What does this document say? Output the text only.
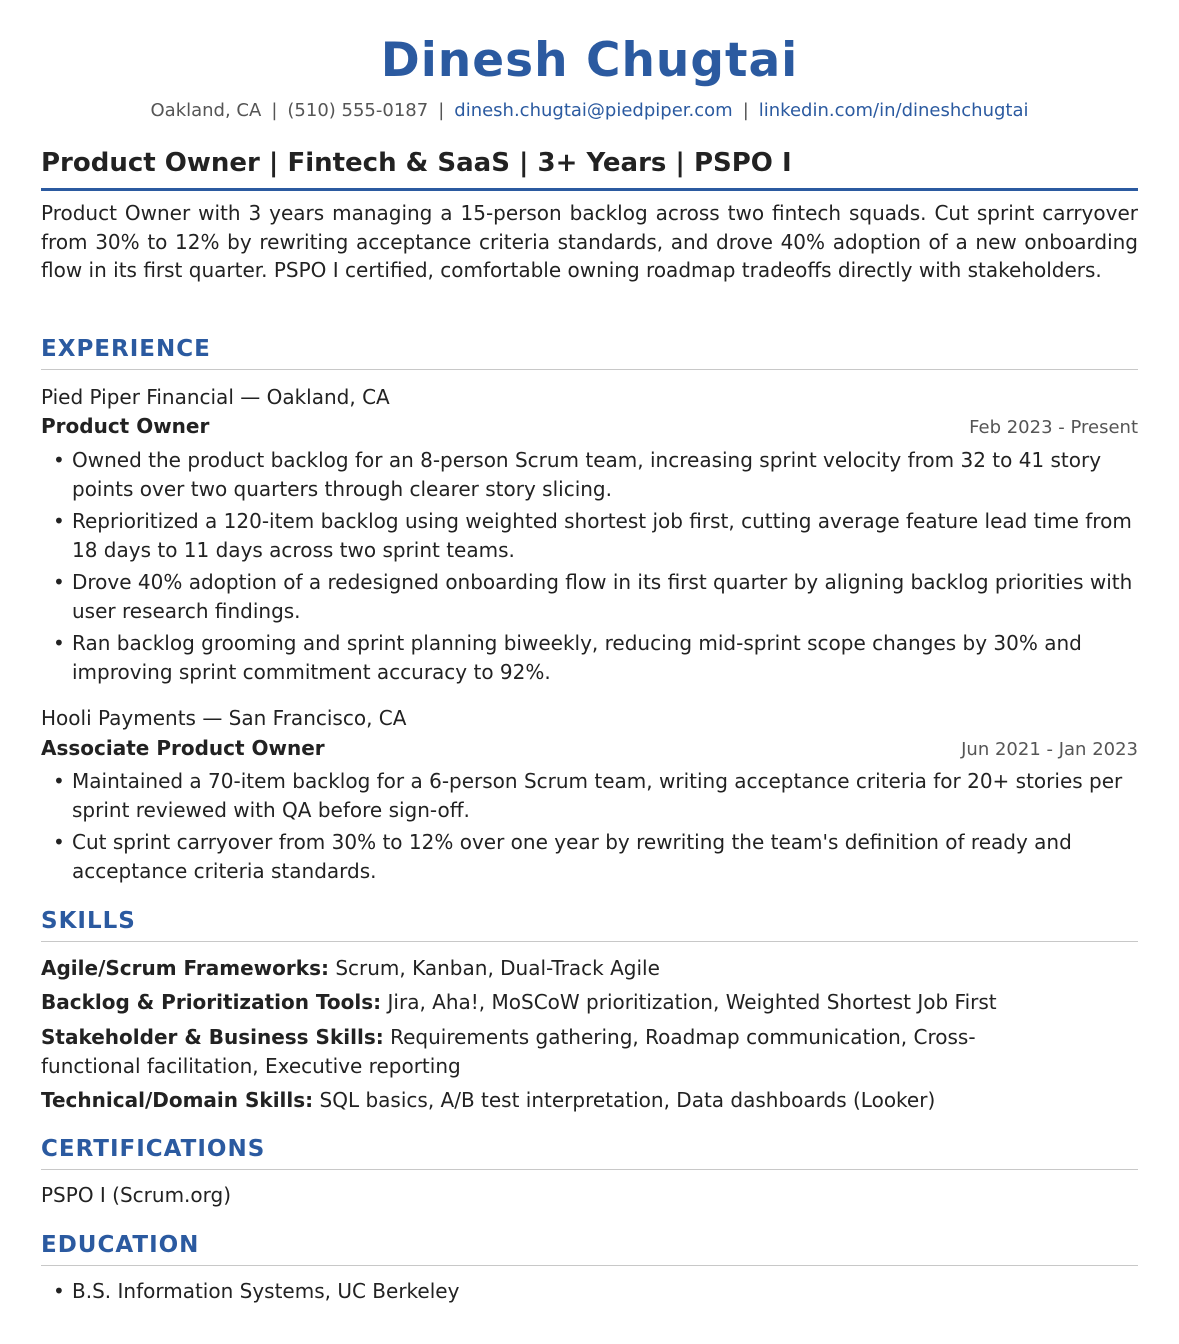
Dinesh Chugtai
Oakland, CA | (510) 555-0187 | dinesh.chugtai@piedpiper.com | linkedin.com/in/dineshchugtai
Product Owner | Fintech & SaaS | 3+ Years | PSPO I
Product Owner with 3 years managing a 15-person backlog across two fintech squads. Cut sprint carryover from 30% to 12% by rewriting acceptance criteria standards, and drove 40% adoption of a new onboarding flow in its first quarter. PSPO I certified, comfortable owning roadmap tradeoffs directly with stakeholders.
EXPERIENCE
Pied Piper Financial — Oakland, CA
Product Owner	Feb 2023 - Present
• Owned the product backlog for an 8-person Scrum team, increasing sprint velocity from 32 to 41 story points over two quarters through clearer story slicing.
• Reprioritized a 120-item backlog using weighted shortest job first, cutting average feature lead time from 18 days to 11 days across two sprint teams.
• Drove 40% adoption of a redesigned onboarding flow in its first quarter by aligning backlog priorities with user research findings.
• Ran backlog grooming and sprint planning biweekly, reducing mid-sprint scope changes by 30% and improving sprint commitment accuracy to 92%.
Hooli Payments — San Francisco, CA
Associate Product Owner	Jun 2021 - Jan 2023
• Maintained a 70-item backlog for a 6-person Scrum team, writing acceptance criteria for 20+ stories per sprint reviewed with QA before sign-off.
• Cut sprint carryover from 30% to 12% over one year by rewriting the team's definition of ready and acceptance criteria standards.
SKILLS
Agile/Scrum Frameworks: Scrum, Kanban, Dual-Track Agile
Backlog & Prioritization Tools: Jira, Aha!, MoSCoW prioritization, Weighted Shortest Job First
Stakeholder & Business Skills: Requirements gathering, Roadmap communication, Cross-functional facilitation, Executive reporting
Technical/Domain Skills: SQL basics, A/B test interpretation, Data dashboards (Looker)
CERTIFICATIONS
PSPO I (Scrum.org)
EDUCATION
• B.S. Information Systems, UC Berkeley
